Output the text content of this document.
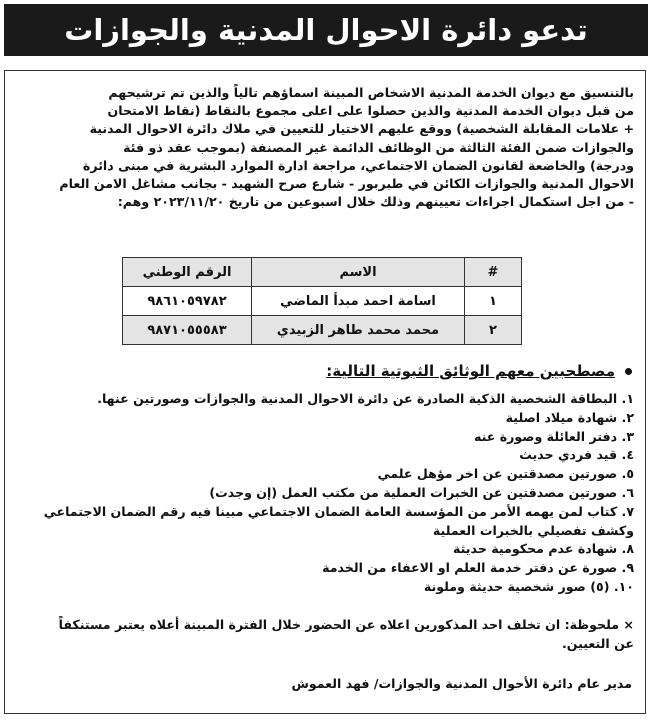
تدعو دائرة الاحوال المدنية والجوازات

بالتنسيق مع ديوان الخدمة المدنية الاشخاص المبينة اسماؤهم تالياً والذين تم ترشيحهم

من قبل ديوان الخدمة المدنية والذين حصلوا على اعلى مجموع بالنقاط (نقاط الامتحان

+ علامات المقابلة الشخصية) ووقع عليهم الاختيار للتعيين في ملاك دائرة الاحوال المدنية

والجوازات ضمن الفئة الثالثة من الوظائف الدائمة غير المصنفة (بموجب عقد ذو فئة

ودرجة) والخاضعة لقانون الضمان الاجتماعي، مراجعة ادارة الموارد البشرية في مبنى دائرة

الاحوال المدنية والجوازات الكائن في طبربور - شارع صرح الشهيد - بجانب مشاغل الامن العام

- من اجل استكمال اجراءات تعيينهم وذلك خلال اسبوعين من تاريخ ٢٠٢٣/١١/٢٠ وهم:

#	الاسم	الرقم الوطني
١	اسامة احمد مبدأ الماضي	٩٨٦١٠٥٩٧٨٢
٢	محمد محمد طاهر الزبيدي	٩٨٧١٠٥٥٥٨٣
مصطحبين معهم الوثائق الثبوتية التالية:
١. البطاقة الشخصية الذكية الصادرة عن دائرة الاحوال المدنية والجوازات وصورتين عنها.
٢. شهادة ميلاد اصلية
٣. دفتر العائلة وصورة عنه
٤. قيد فردي حديث
٥. صورتين مصدقتين عن اخر مؤهل علمي
٦. صورتين مصدقتين عن الخبرات العملية من مكتب العمل (إن وجدت)
٧. كتاب لمن يهمه الأمر من المؤسسة العامة الضمان الاجتماعي مبينا فيه رقم الضمان الاجتماعي
وكشف تفصيلي بالخبرات العملية
٨. شهادة عدم محكومية حديثة
٩. صورة عن دفتر خدمة العلم او الاعفاء من الخدمة
١٠. (٥) صور شخصية حديثة وملونة

× ملحوظة: ان تخلف احد المذكورين اعلاه عن الحضور خلال الفترة المبينة أعلاه يعتبر مستنكفاً

عن التعيين.

مدير عام دائرة الأحوال المدنية والجوازات/ فهد العموش
